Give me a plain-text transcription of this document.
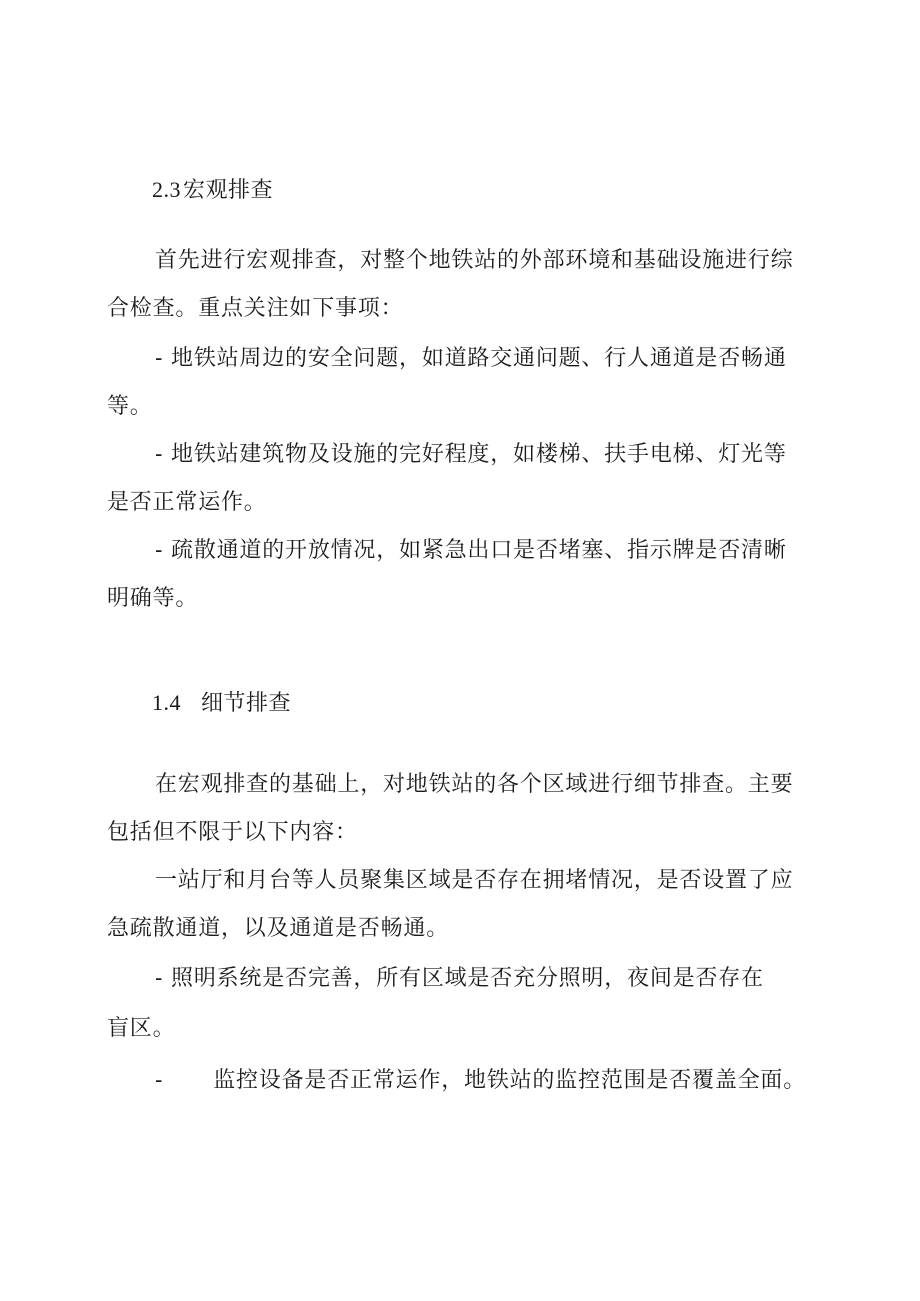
2.3宏观排查
首先进行宏观排查，对整个地铁站的外部环境和基础设施进行综
合检查。重点关注如下事项：
- 地铁站周边的安全问题，如道路交通问题、行人通道是否畅通
等。
- 地铁站建筑物及设施的完好程度，如楼梯、扶手电梯、灯光等
是否正常运作。
- 疏散通道的开放情况，如紧急出口是否堵塞、指示牌是否清晰
明确等。
1.4 细节排查
在宏观排查的基础上，对地铁站的各个区域进行细节排查。主要
包括但不限于以下内容：
一站厅和月台等人员聚集区域是否存在拥堵情况，是否设置了应
急疏散通道，以及通道是否畅通。
- 照明系统是否完善，所有区域是否充分照明，夜间是否存在
盲区。
- 监控设备是否正常运作，地铁站的监控范围是否覆盖全面。
